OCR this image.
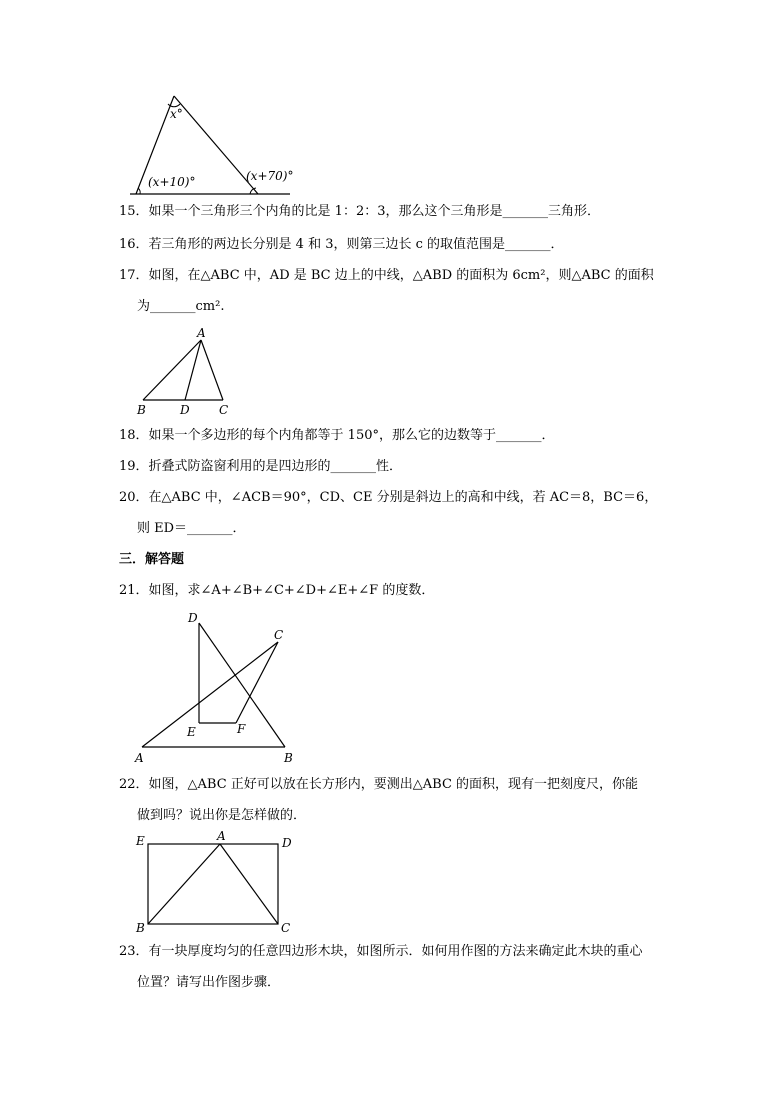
x°
(x+10)°	(x+70)°
15．如果一个三角形三个内角的比是 1：2：3，那么这个三角形是_______三角形．
16．若三角形的两边长分别是 4 和 3，则第三边长 c 的取值范围是_______．
17．如图，在△ABC 中，AD 是 BC 边上的中线，△ABD 的面积为 6cm²，则△ABC 的面积
为_______cm².
A
B	D C
18．如果一个多边形的每个内角都等于 150°，那么它的边数等于_______．
19．折叠式防盗窗利用的是四边形的_______性．
20．在△ABC 中，∠ACB＝90°，CD、CE 分别是斜边上的高和中线，若 AC＝8，BC＝6，
则 ED＝_______．
三．解答题
21．如图，求∠A+∠B+∠C+∠D+∠E+∠F 的度数．
D
C
E	F
A	B
22．如图，△ABC 正好可以放在长方形内，要测出△ABC 的面积，现有一把刻度尺，你能
做到吗？说出你是怎样做的．
E	A	D
B	C
23．有一块厚度均匀的任意四边形木块，如图所示．如何用作图的方法来确定此木块的重心
位置？请写出作图步骤．
